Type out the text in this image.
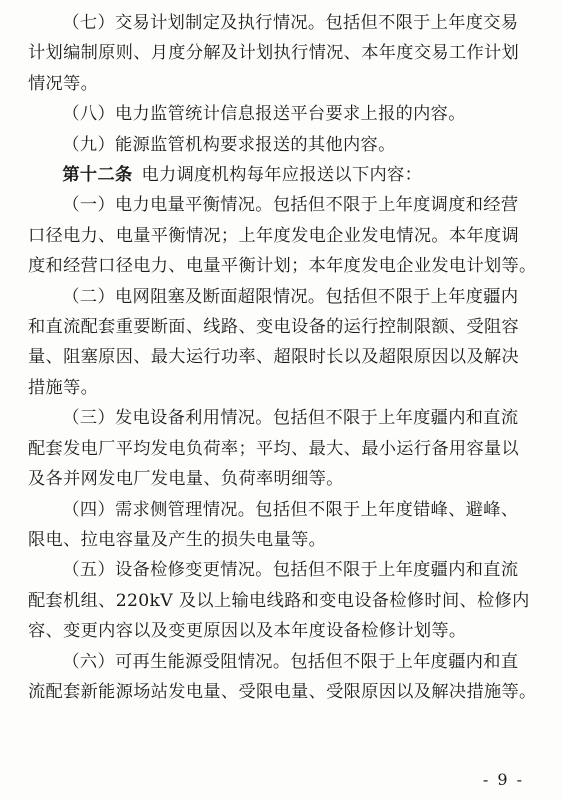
（七）交易计划制定及执行情况。包括但不限于上年度交易
计划编制原则、月度分解及计划执行情况、本年度交易工作计划
情况等。

（八）电力监管统计信息报送平台要求上报的内容。

（九）能源监管机构要求报送的其他内容。

第十二条  电力调度机构每年应报送以下内容：

（一）电力电量平衡情况。包括但不限于上年度调度和经营
口径电力、电量平衡情况；上年度发电企业发电情况。本年度调
度和经营口径电力、电量平衡计划；本年度发电企业发电计划等。

（二）电网阻塞及断面超限情况。包括但不限于上年度疆内
和直流配套重要断面、线路、变电设备的运行控制限额、受阻容
量、阻塞原因、最大运行功率、超限时长以及超限原因以及解决
措施等。

（三）发电设备利用情况。包括但不限于上年度疆内和直流
配套发电厂平均发电负荷率；平均、最大、最小运行备用容量以
及各并网发电厂发电量、负荷率明细等。

（四）需求侧管理情况。包括但不限于上年度错峰、避峰、
限电、拉电容量及产生的损失电量等。

（五）设备检修变更情况。包括但不限于上年度疆内和直流
配套机组、220kV 及以上输电线路和变电设备检修时间、检修内
容、变更内容以及变更原因以及本年度设备检修计划等。

（六）可再生能源受阻情况。包括但不限于上年度疆内和直
流配套新能源场站发电量、受限电量、受限原因以及解决措施等。

- 9 -
